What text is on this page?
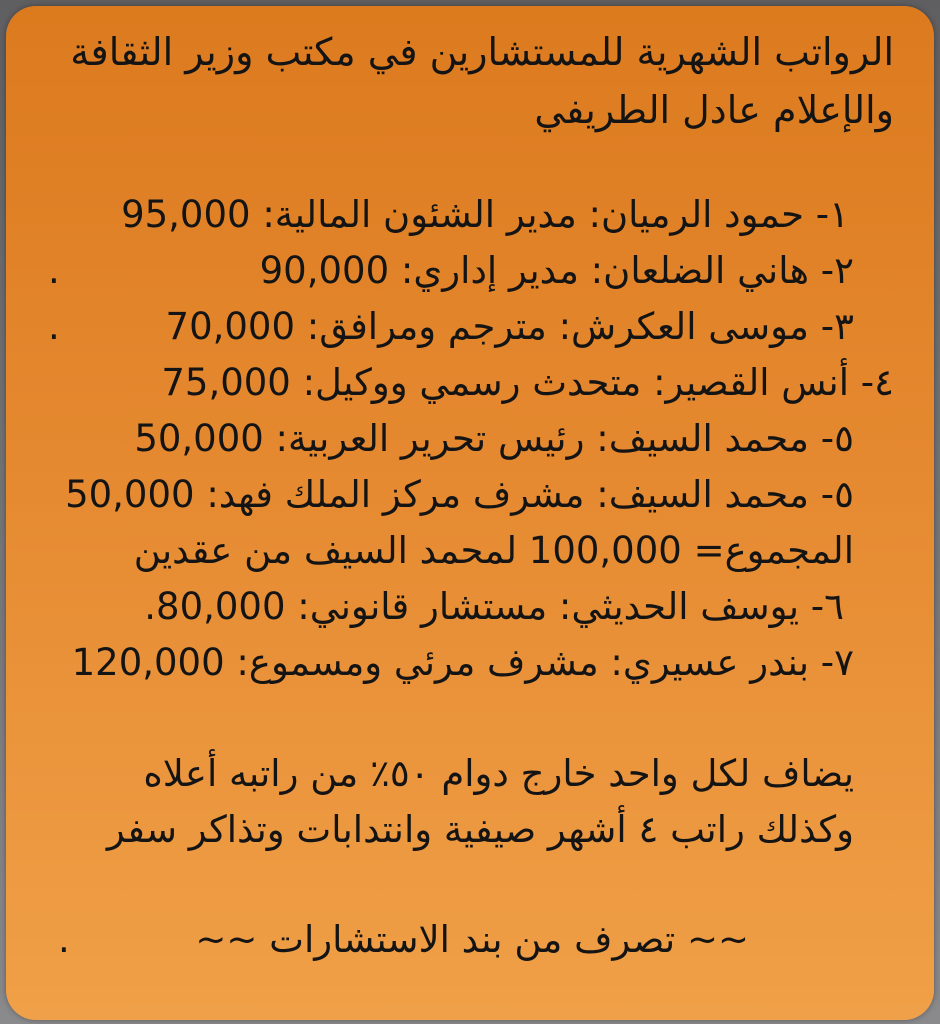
الرواتب الشهرية للمستشارين في مكتب وزير الثقافة
والإعلام عادل الطريفي
١- حمود الرميان: مدير الشئون المالية: 95,000
٢- هاني الضلعان: مدير إداري: 90,000
.
٣- موسى العكرش: مترجم ومرافق: 70,000
.
٤- أنس القصير: متحدث رسمي ووكيل: 75,000
٥- محمد السيف: رئيس تحرير العربية: 50,000
٥- محمد السيف: مشرف مركز الملك فهد: 50,000
المجموع= 100,000 لمحمد السيف من عقدين
٦- يوسف الحديثي: مستشار قانوني: 80,000.
٧- بندر عسيري: مشرف مرئي ومسموع: 120,000
يضاف لكل واحد خارج دوام ٥٠٪ من راتبه أعلاه
وكذلك راتب ٤ أشهر صيفية وانتدابات وتذاكر سفر
~~ تصرف من بند الاستشارات ~~
.
